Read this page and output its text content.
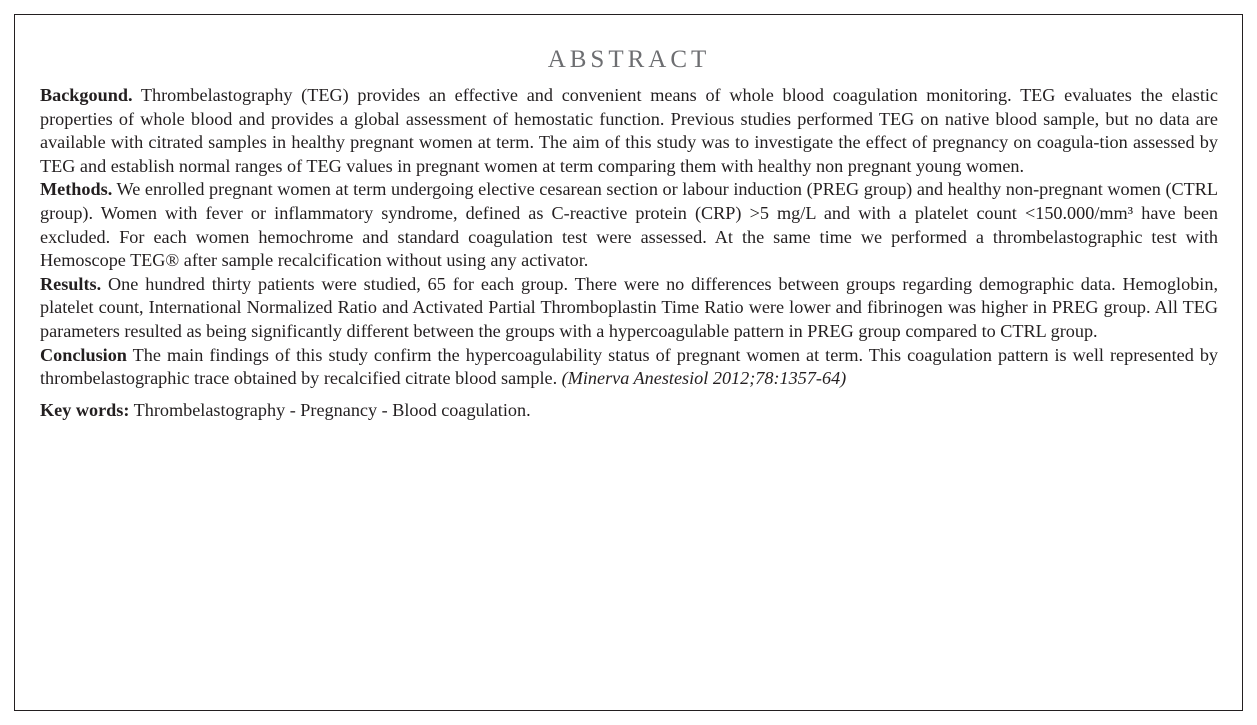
ABSTRACT

Backgound. Thrombelastography (TEG) provides an effective and convenient means of whole blood coagulation monitoring. TEG evaluates the elastic properties of whole blood and provides a global assessment of hemostatic function. Previous studies performed TEG on native blood sample, but no data are available with citrated samples in healthy pregnant women at term. The aim of this study was to investigate the effect of pregnancy on coagula-tion assessed by TEG and establish normal ranges of TEG values in pregnant women at term comparing them with healthy non pregnant young women.

Methods. We enrolled pregnant women at term undergoing elective cesarean section or labour induction (PREG group) and healthy non-pregnant women (CTRL group). Women with fever or inflammatory syndrome, defined as C-reactive protein (CRP) >5 mg/L and with a platelet count <150.000/mm³ have been excluded. For each women hemochrome and standard coagulation test were assessed. At the same time we performed a thrombelastographic test with Hemoscope TEG® after sample recalcification without using any activator.

Results. One hundred thirty patients were studied, 65 for each group. There were no differences between groups regarding demographic data. Hemoglobin, platelet count, International Normalized Ratio and Activated Partial Thromboplastin Time Ratio were lower and fibrinogen was higher in PREG group. All TEG parameters resulted as being significantly different between the groups with a hypercoagulable pattern in PREG group compared to CTRL group.

Conclusion The main findings of this study confirm the hypercoagulability status of pregnant women at term. This coagulation pattern is well represented by thrombelastographic trace obtained by recalcified citrate blood sample. (Minerva Anestesiol 2012;78:1357-64)

Key words: Thrombelastography - Pregnancy - Blood coagulation.
